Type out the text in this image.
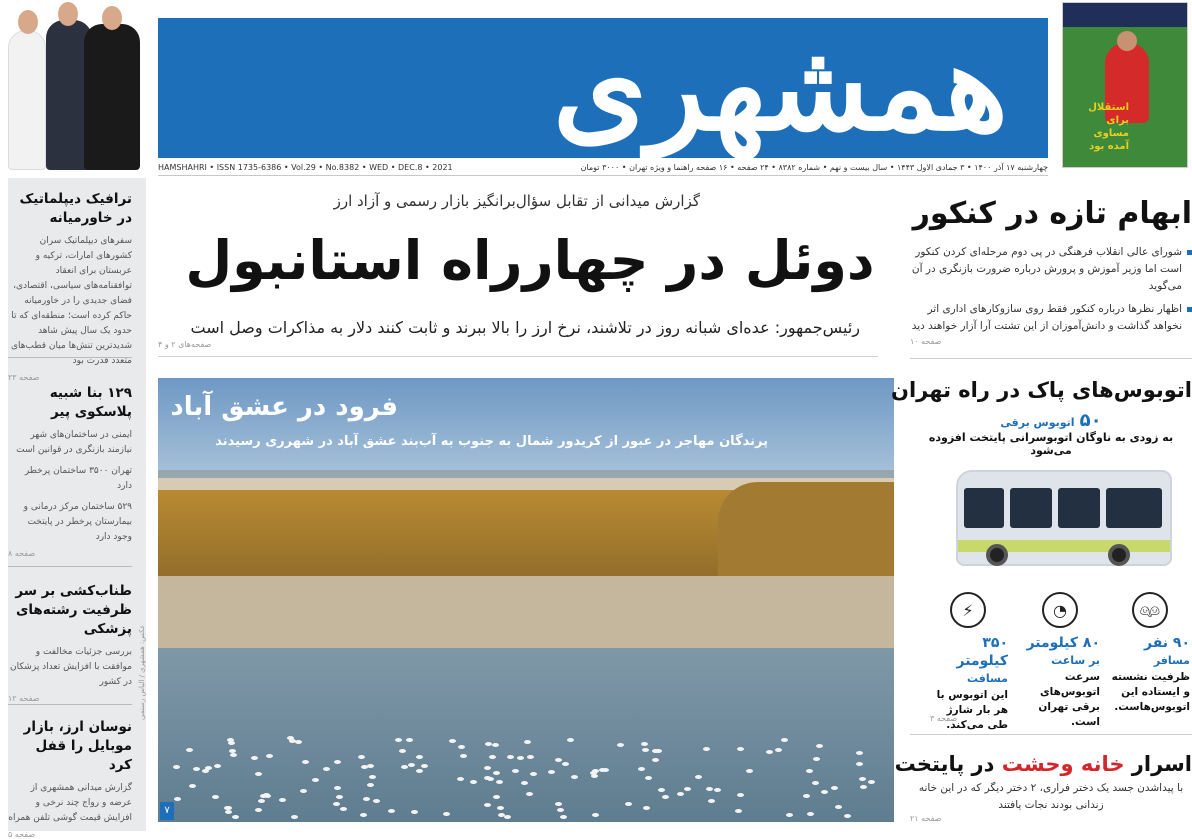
ترافیک دیپلماتیک در خاورمیانه
سفرهای دیپلماتیک سران کشورهای امارات، ترکیه و عربستان برای انعقاد توافقنامه‌های سیاسی، اقتصادی، فضای جدیدی را در خاورمیانه حاکم کرده است؛ منطقه‌ای که تا حدود یک سال پیش شاهد شدیدترین تنش‌ها میان قطب‌های متعدد قدرت بود
صفحه ۲۳
۱۲۹ بنا شبیه پلاسکوی پیر
ایمنی در ساختمان‌های شهر نیازمند بازنگری در قوانین است
تهران ۳۵۰۰ ساختمان پرخطر دارد
۵۲۹ ساختمان مرکز درمانی و بیمارستان پرخطر در پایتخت وجود دارد
صفحه ۸
طناب‌کشی بر سر ظرفیت رشته‌های پزشکی
بررسی جزئیات مخالفت و موافقت با افزایش تعداد پزشکان در کشور
صفحه ۱۲
نوسان ارز، بازار موبایل را قفل کرد
گزارش میدانی همشهری از عرضه و رواج چند نرخی و افزایش قیمت گوشی تلفن همراه
صفحه ۵
همشهری
HAMSHAHRI • ISSN 1735-6386 • Vol.29 • No.8382 • WED • DEC.8 • 2021	چهارشنبه ۱۷ آذر ۱۴۰۰ • ۳ جمادی الاول ۱۴۴۳ • سال بیست و نهم • شماره ۸۳۸۲ • ۲۴ صفحه • ۱۶ صفحه راهنما و ویژه تهران • ۳۰۰۰ تومان
استقلال برای مساوی آمده بود
گزارش میدانی از تقابل سؤال‌برانگیز بازار رسمی و آزاد ارز
دوئل در چهارراه استانبول
رئیس‌جمهور: عده‌ای شبانه روز در تلاشند، نرخ ارز را بالا ببرند و ثابت کنند دلار به مذاکرات وصل است
صفحه‌های ۲ و ۴
فرود در عشق آباد
پرندگان مهاجر در عبور از کریدور شمال به جنوب به آب‌بند عشق آباد در شهرری رسیدند
۷
عکس: همشهری / الیاس رستمی
ابهام تازه در کنکور
شورای عالی انقلاب فرهنگی در پی دوم مرحله‌ای کردن کنکور است اما وزیر آموزش و پرورش درباره ضرورت بازنگری در آن می‌گوید
اظهار نظرها درباره کنکور فقط روی سازوکارهای اداری اثر نخواهد گذاشت و دانش‌آموزان از این تشتت آرا آزار خواهند دید
صفحه ۱۰
اتوبوس‌های پاک در راه تهران
۵۰ اتوبوس برقی
به زودی به ناوگان اتوبوسرانی پایتخت افزوده می‌شود
👫︎
۹۰ نفر
مسافر
ظرفیت نشسته و ایستاده این اتوبوس‌هاست.
◔
۸۰ کیلومتر
بر ساعت
سرعت اتوبوس‌های برقی تهران است.
⚡︎
۳۵۰ کیلومتر
مسافت
این اتوبوس با هر بار شارژ طی می‌کند.
صفحه ۳
اسرار خانه وحشت در پایتخت
با پیداشدن جسد یک دختر فراری، ۲ دختر دیگر که در این خانه زندانی بودند نجات یافتند
صفحه ۲۱
